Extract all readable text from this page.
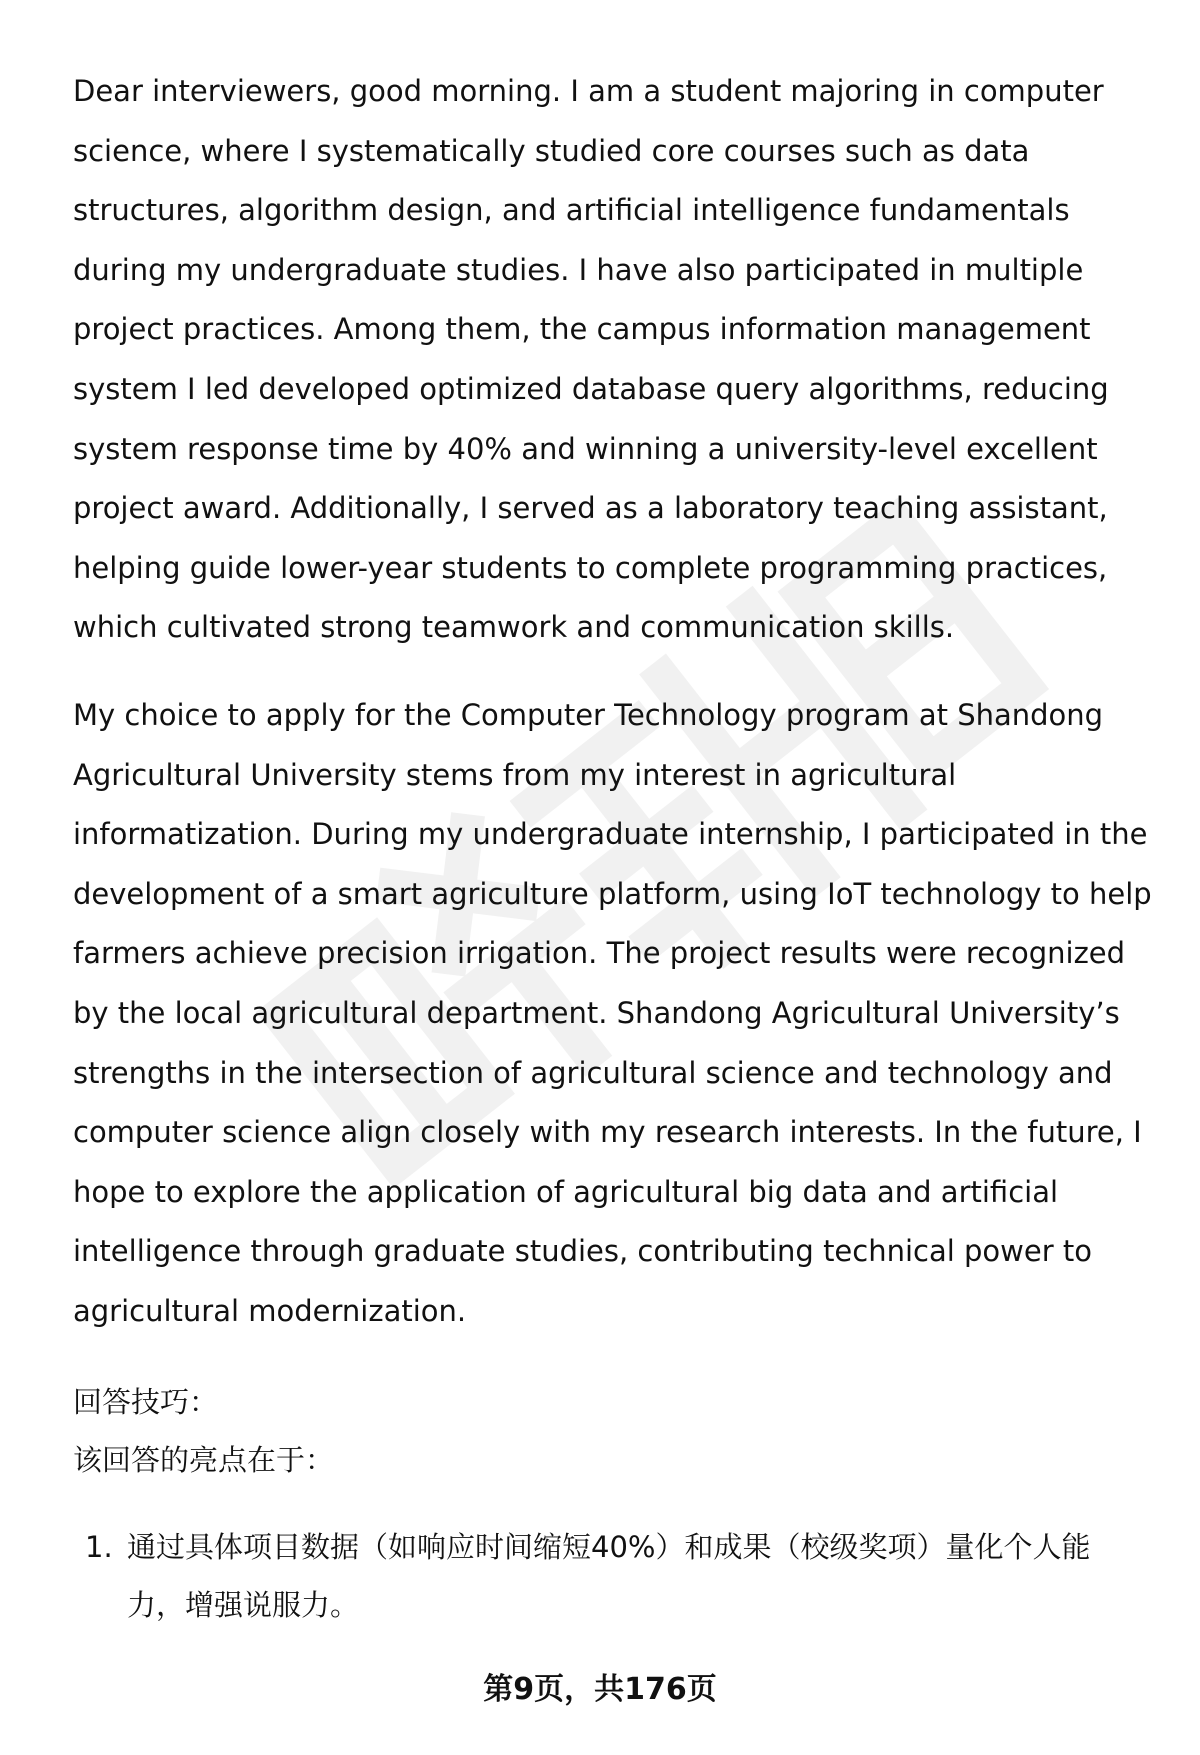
Dear interviewers, good morning. I am a student majoring in computer science, where I systematically studied core courses such as data structures, algorithm design, and artificial intelligence fundamentals during my undergraduate studies. I have also participated in multiple project practices. Among them, the campus information management system I led developed optimized database query algorithms, reducing system response time by 40% and winning a university-level excellent project award. Additionally, I served as a laboratory teaching assistant, helping guide lower-year students to complete programming practices, which cultivated strong teamwork and communication skills.
My choice to apply for the Computer Technology program at Shandong Agricultural University stems from my interest in agricultural informatization. During my undergraduate internship, I participated in the development of a smart agriculture platform, using IoT technology to help farmers achieve precision irrigation. The project results were recognized by the local agricultural department. Shandong Agricultural University’s strengths in the intersection of agricultural science and technology and computer science align closely with my research interests. In the future, I hope to explore the application of agricultural big data and artificial intelligence through graduate studies, contributing technical power to agricultural modernization.
回答技巧：
该回答的亮点在于：
1. 通过具体项目数据（如响应时间缩短40%）和成果（校级奖项）量化个人能力，增强说服力。
第9页，共176页
